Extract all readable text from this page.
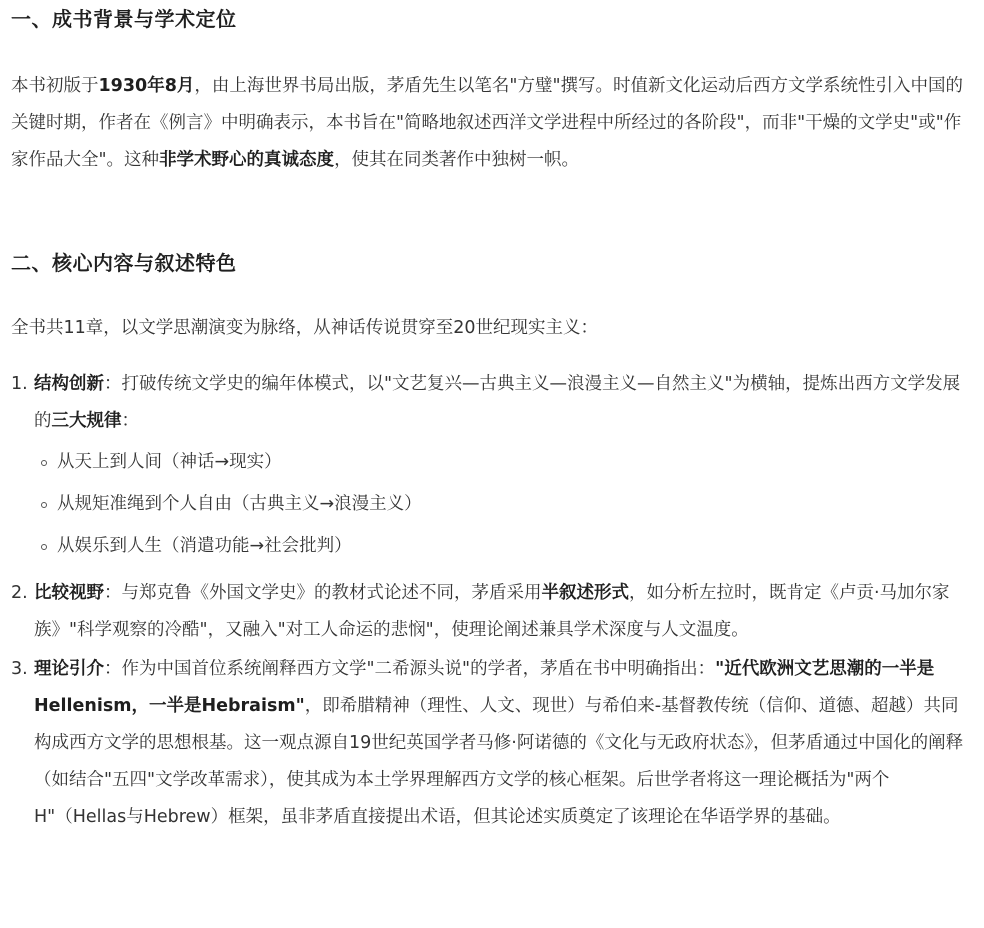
一、成书背景与学术定位

本书初版于1930年8月，由上海世界书局出版，茅盾先生以笔名"方璧"撰写。时值新文化运动后西方文学系统性引入中国的关键时期，作者在《例言》中明确表示，本书旨在"简略地叙述西洋文学进程中所经过的各阶段"，而非"干燥的文学史"或"作家作品大全"。这种非学术野心的真诚态度，使其在同类著作中独树一帜。

二、核心内容与叙述特色

全书共11章，以文学思潮演变为脉络，从神话传说贯穿至20世纪现实主义：

1. 结构创新：打破传统文学史的编年体模式，以"文艺复兴—古典主义—浪漫主义—自然主义"为横轴，提炼出西方文学发展的三大规律：
从天上到人间（神话→现实）
从规矩准绳到个人自由（古典主义→浪漫主义）
从娱乐到人生（消遣功能→社会批判）
2. 比较视野：与郑克鲁《外国文学史》的教材式论述不同，茅盾采用半叙述形式，如分析左拉时，既肯定《卢贡·马加尔家族》"科学观察的冷酷"，又融入"对工人命运的悲悯"，使理论阐述兼具学术深度与人文温度。
3. 理论引介：作为中国首位系统阐释西方文学"二希源头说"的学者，茅盾在书中明确指出："近代欧洲文艺思潮的一半是Hellenism，一半是Hebraism"，即希腊精神（理性、人文、现世）与希伯来-基督教传统（信仰、道德、超越）共同构成西方文学的思想根基。这一观点源自19世纪英国学者马修·阿诺德的《文化与无政府状态》，但茅盾通过中国化的阐释（如结合"五四"文学改革需求），使其成为本土学界理解西方文学的核心框架。后世学者将这一理论概括为"两个H"（Hellas与Hebrew）框架，虽非茅盾直接提出术语，但其论述实质奠定了该理论在华语学界的基础。
